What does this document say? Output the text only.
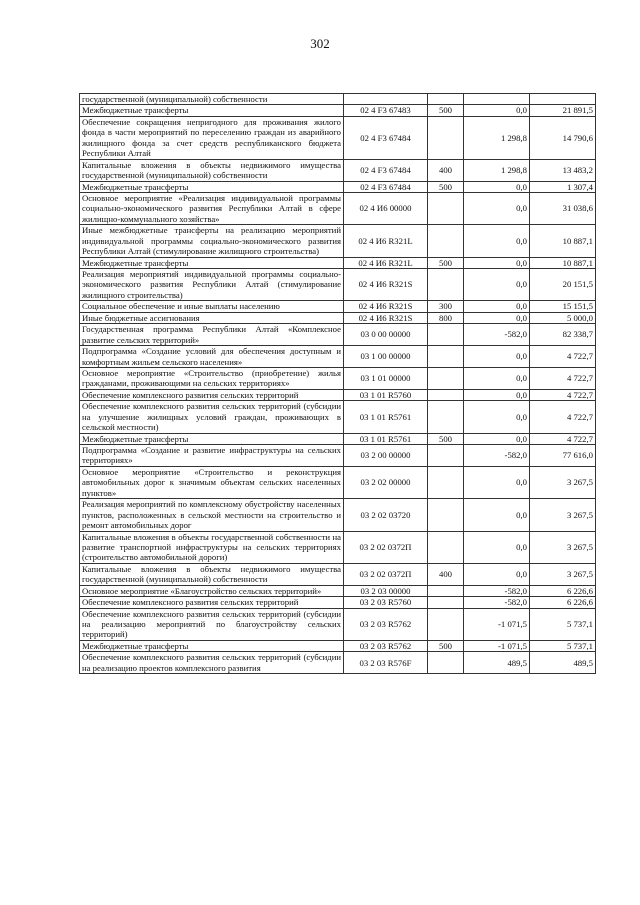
302
государственной (муниципальной) собственности				
Межбюджетные трансферты	02 4 F3 67483	500	0,0	21 891,5
Обеспечение сокращения непригодного для проживания жилого фонда в части мероприятий по переселению граждан из аварийного жилищного фонда за счет средств республиканского бюджета Республики Алтай	02 4 F3 67484		1 298,8	14 790,6
Капитальные вложения в объекты недвижимого имущества государственной (муниципальной) собственности	02 4 F3 67484	400	1 298,8	13 483,2
Межбюджетные трансферты	02 4 F3 67484	500	0,0	1 307,4
Основное мероприятие «Реализация индивидуальной программы социально-экономического развития Республики Алтай в сфере жилищно-коммунального хозяйства»	02 4 И6 00000		0,0	31 038,6
Иные межбюджетные трансферты на реализацию мероприятий индивидуальной программы социально-экономического развития Республики Алтай (стимулирование жилищного строительства)	02 4 И6 R321L		0,0	10 887,1
Межбюджетные трансферты	02 4 И6 R321L	500	0,0	10 887,1
Реализация мероприятий индивидуальной программы социально-экономического развития Республики Алтай (стимулирование жилищного строительства)	02 4 И6 R321S		0,0	20 151,5
Социальное обеспечение и иные выплаты населению	02 4 И6 R321S	300	0,0	15 151,5
Иные бюджетные ассигнования	02 4 И6 R321S	800	0,0	5 000,0
Государственная программа Республики Алтай «Комплексное развитие сельских территорий»	03 0 00 00000		-582,0	82 338,7
Подпрограмма «Создание условий для обеспечения доступным и комфортным жильем сельского населения»	03 1 00 00000		0,0	4 722,7
Основное мероприятие «Строительство (приобретение) жилья гражданами, проживающими на сельских территориях»	03 1 01 00000		0,0	4 722,7
Обеспечение комплексного развития сельских территорий	03 1 01 R5760		0,0	4 722,7
Обеспечение комплексного развития сельских территорий (субсидии на улучшение жилищных условий граждан, проживающих в сельской местности)	03 1 01 R5761		0,0	4 722,7
Межбюджетные трансферты	03 1 01 R5761	500	0,0	4 722,7
Подпрограмма «Создание и развитие инфраструктуры на сельских территориях»	03 2 00 00000		-582,0	77 616,0
Основное мероприятие «Строительство и реконструкция автомобильных дорог к значимым объектам сельских населенных пунктов»	03 2 02 00000		0,0	3 267,5
Реализация мероприятий по комплексному обустройству населенных пунктов, расположенных в сельской местности на строительство и ремонт автомобильных дорог	03 2 02 03720		0,0	3 267,5
Капитальные вложения в объекты государственной собственности на развитие транспортной инфраструктуры на сельских территориях (строительство автомобильной дороги)	03 2 02 0372П		0,0	3 267,5
Капитальные вложения в объекты недвижимого имущества государственной (муниципальной) собственности	03 2 02 0372П	400	0,0	3 267,5
Основное мероприятие «Благоустройство сельских территорий»	03 2 03 00000		-582,0	6 226,6
Обеспечение комплексного развития сельских территорий	03 2 03 R5760		-582,0	6 226,6
Обеспечение комплексного развития сельских территорий (субсидии на реализацию мероприятий по благоустройству сельских территорий)	03 2 03 R5762		-1 071,5	5 737,1
Межбюджетные трансферты	03 2 03 R5762	500	-1 071,5	5 737,1
Обеспечение комплексного развития сельских территорий (субсидии на реализацию проектов комплексного развития	03 2 03 R576F		489,5	489,5
